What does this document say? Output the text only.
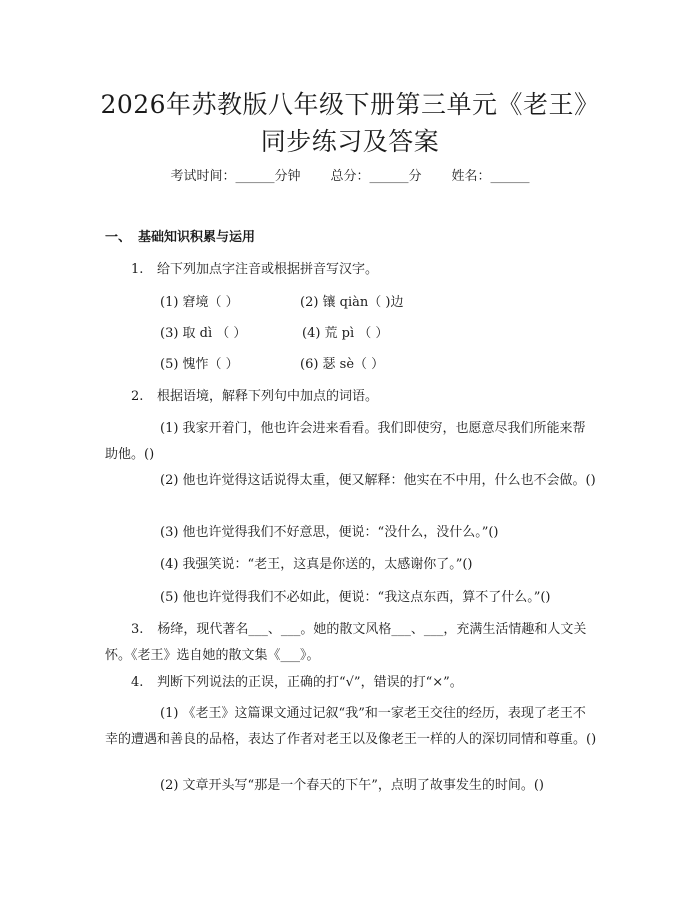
2026年苏教版八年级下册第三单元《老王》
同步练习及答案
考试时间：______分钟 总分：______分 姓名：______
一、 基础知识积累与运用
1. 给下列加点字注音或根据拼音写汉字。
(1) 窘境（ ）	(2) 镶 qiàn（ )边
(3) 取 dì （ ）	(4) 荒 pì （ ）
(5) 愧怍（ ）	(6) 瑟 sè（ ）
2. 根据语境，解释下列句中加点的词语。
(1) 我家开着门，他也许会进来看看。我们即使穷，也愿意尽我们所能来帮助他。()
(2) 他也许觉得这话说得太重，便又解释：他实在不中用，什么也不会做。()
(3) 他也许觉得我们不好意思，便说：“没什么，没什么。”()
(4) 我强笑说：“老王，这真是你送的，太感谢你了。”()
(5) 他也许觉得我们不必如此，便说：“我这点东西，算不了什么。”()
3. 杨绛，现代著名___、___。她的散文风格___、___，充满生活情趣和人文关怀。《老王》选自她的散文集《___》。
4. 判断下列说法的正误，正确的打“√”，错误的打“×”。
(1) 《老王》这篇课文通过记叙“我”和一家老王交往的经历，表现了老王不幸的遭遇和善良的品格，表达了作者对老王以及像老王一样的人的深切同情和尊重。()
(2) 文章开头写“那是一个春天的下午”，点明了故事发生的时间。()
